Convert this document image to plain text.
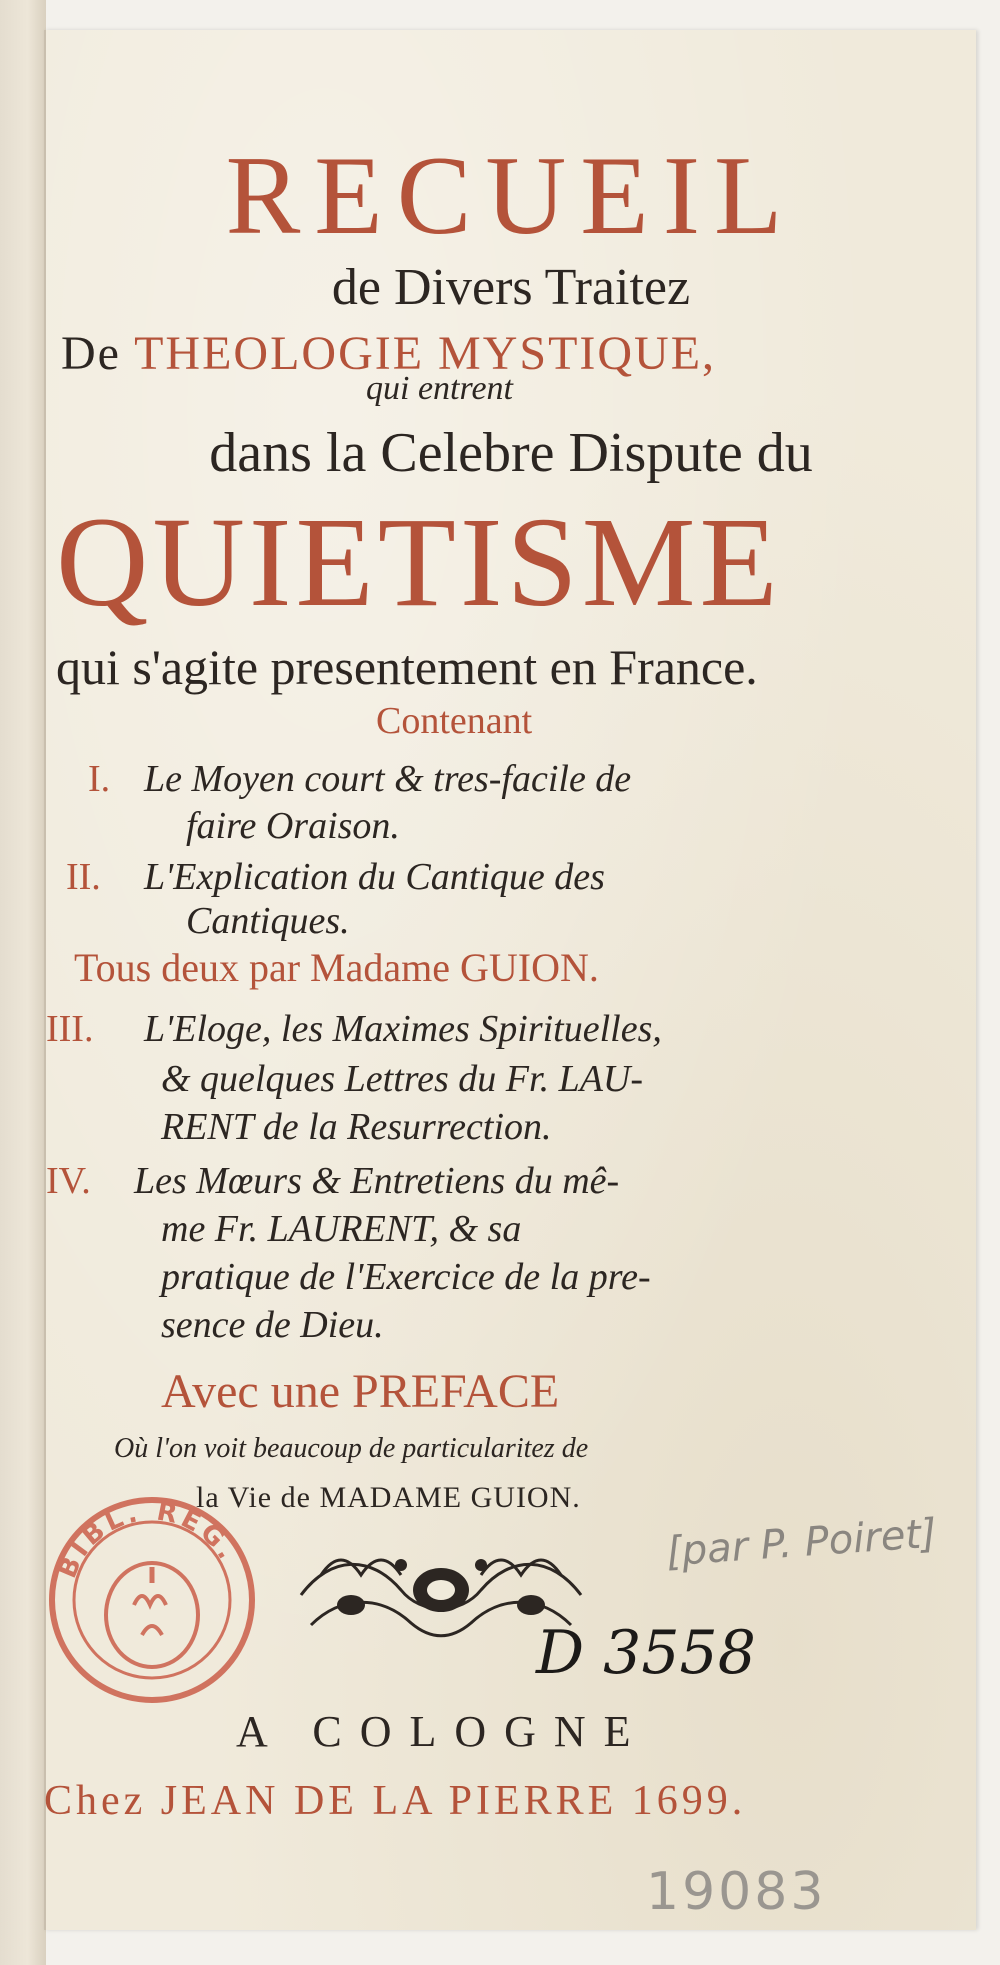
RECUEIL
de Divers Traitez
De THEOLOGIE MYSTIQUE,
qui entrent
dans la Celebre Dispute du
QUIETISME
qui s'agite presentement en France.
Contenant
I. Le Moyen court & tres-facile de
faire Oraison.
II. L'Explication du Cantique des
Cantiques.
Tous deux par Madame GUION.
III. L'Eloge, les Maximes Spirituelles,
& quelques Lettres du Fr. LAU-
RENT de la Resurrection.
IV. Les Mœurs & Entretiens du mê-
me Fr. LAURENT, & sa
pratique de l'Exercice de la pre-
sence de Dieu.
Avec une PREFACE
Où l'on voit beaucoup de particularitez de
la Vie de MADAME GUION.
BIBL. REG.	[par P. Poiret]
D 3558
A COLOGNE
Chez JEAN DE LA PIERRE 1699.
19083
